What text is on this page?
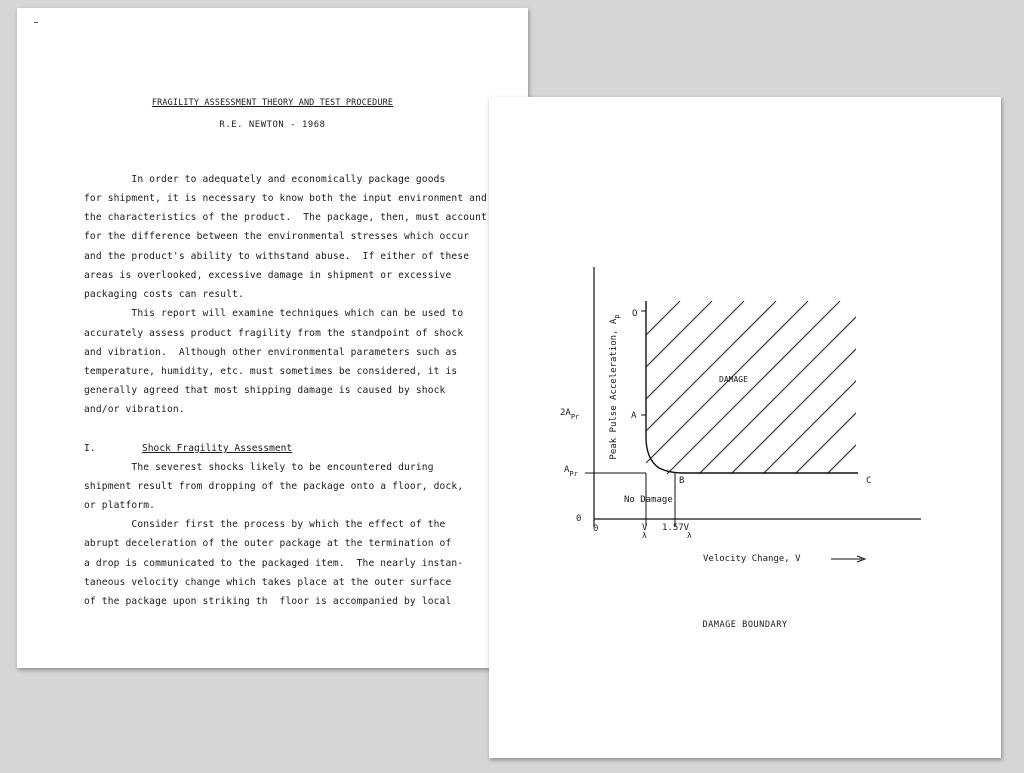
FRAGILITY ASSESSMENT THEORY AND TEST PROCEDURE
R.E. NEWTON - 1968
In order to adequately and economically package goods
for shipment, it is necessary to know both the input environment and
the characteristics of the product.  The package, then, must account
for the difference between the environmental stresses which occur
and the product's ability to withstand abuse.  If either of these
areas is overlooked, excessive damage in shipment or excessive
packaging costs can result.
This report will examine techniques which can be used to
accurately assess product fragility from the standpoint of shock
and vibration.  Although other environmental parameters such as
temperature, humidity, etc. must sometimes be considered, it is
generally agreed that most shipping damage is caused by shock
and/or vibration.
I.	Shock Fragility Assessment
The severest shocks likely to be encountered during
shipment result from dropping of the package onto a floor, dock,
or platform.
Consider first the process by which the effect of the
abrupt deceleration of the outer package at the termination of
a drop is communicated to the packaged item.  The nearly instan-
taneous velocity change which takes place at the outer surface
of the package upon striking th  floor is accompanied by local
Peak Pulse Acceleration, $A_p$
$2A_{Pr}$
$A_{Pr}$
0
0
O
A
B	C
DAMAGE
No Damage
V λ
1.57V λ
Velocity Change, V
DAMAGE BOUNDARY
